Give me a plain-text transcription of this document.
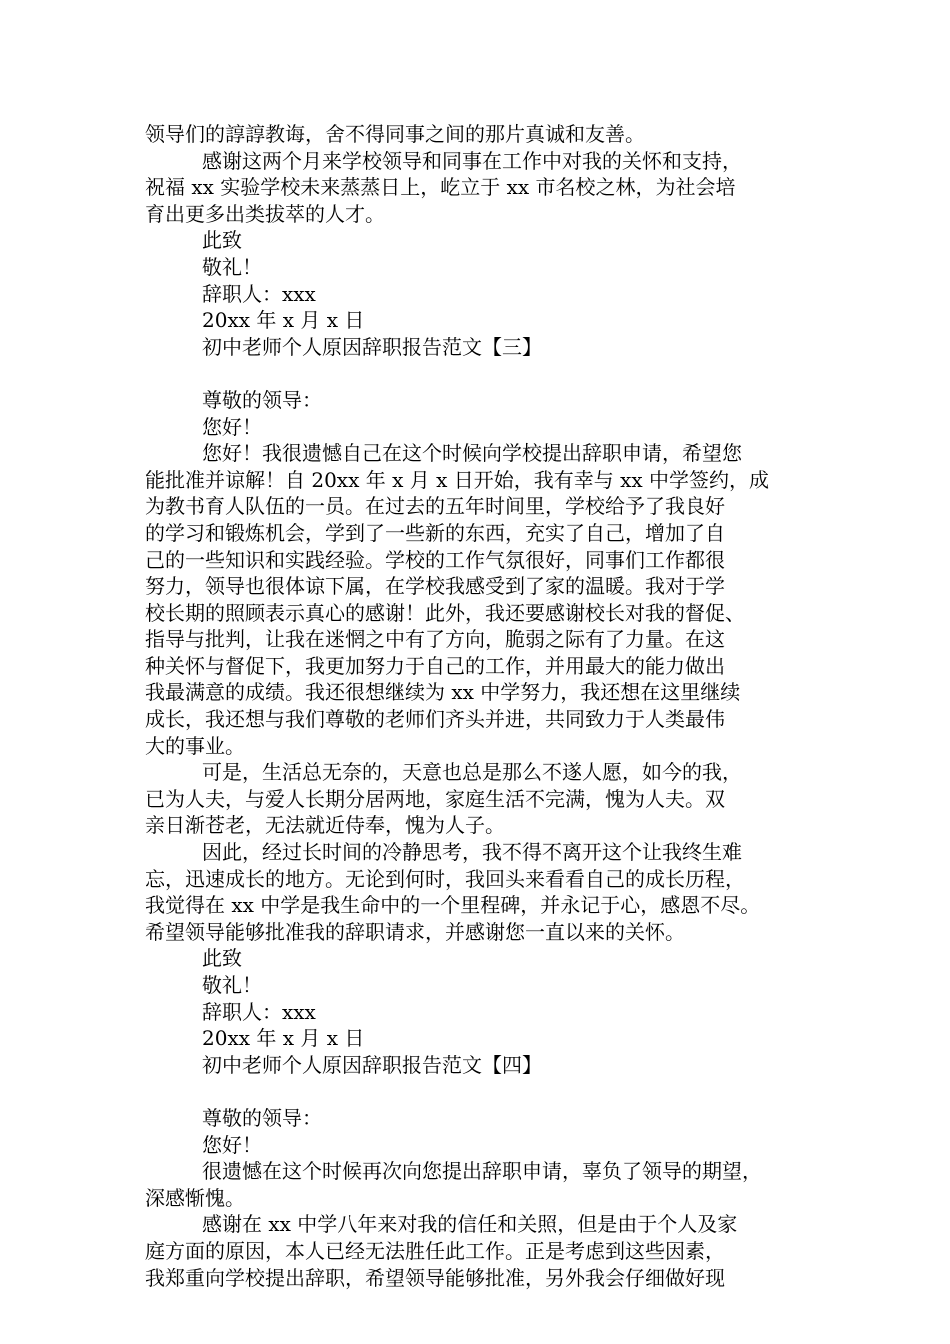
领导们的諄諄教诲，舍不得同事之间的那片真诚和友善。
感谢这两个月来学校领导和同事在工作中对我的关怀和支持，
祝福 xx 实验学校未来蒸蒸日上，屹立于 xx 市名校之林，为社会培
育出更多出类拔萃的人才。
此致
敬礼！
辞职人：xxx
20xx 年 x 月 x 日
初中老师个人原因辞职报告范文【三】
尊敬的领导：
您好！
您好！我很遗憾自己在这个时候向学校提出辞职申请，希望您
能批准并谅解！自 20xx 年 x 月 x 日开始，我有幸与 xx 中学签约，成
为教书育人队伍的一员。在过去的五年时间里，学校给予了我良好
的学习和锻炼机会，学到了一些新的东西，充实了自己，增加了自
己的一些知识和实践经验。学校的工作气氛很好，同事们工作都很
努力，领导也很体谅下属，在学校我感受到了家的温暖。我对于学
校长期的照顾表示真心的感谢！此外，我还要感谢校长对我的督促、
指导与批判，让我在迷惘之中有了方向，脆弱之际有了力量。在这
种关怀与督促下，我更加努力于自己的工作，并用最大的能力做出
我最满意的成绩。我还很想继续为 xx 中学努力，我还想在这里继续
成长，我还想与我们尊敬的老师们齐头并进，共同致力于人类最伟
大的事业。
可是，生活总无奈的，天意也总是那么不遂人愿，如今的我，
已为人夫，与爱人长期分居两地，家庭生活不完满，愧为人夫。双
亲日渐苍老，无法就近侍奉，愧为人子。
因此，经过长时间的冷静思考，我不得不离开这个让我终生难
忘，迅速成长的地方。无论到何时，我回头来看看自己的成长历程，
我觉得在 xx 中学是我生命中的一个里程碑，并永记于心，感恩不尽。
希望领导能够批准我的辞职请求，并感谢您一直以来的关怀。
此致
敬礼！
辞职人：xxx
20xx 年 x 月 x 日
初中老师个人原因辞职报告范文【四】
尊敬的领导：
您好！
很遗憾在这个时候再次向您提出辞职申请，辜负了领导的期望，
深感惭愧。
感谢在 xx 中学八年来对我的信任和关照，但是由于个人及家
庭方面的原因，本人已经无法胜任此工作。正是考虑到这些因素，
我郑重向学校提出辞职，希望领导能够批准，另外我会仔细做好现
